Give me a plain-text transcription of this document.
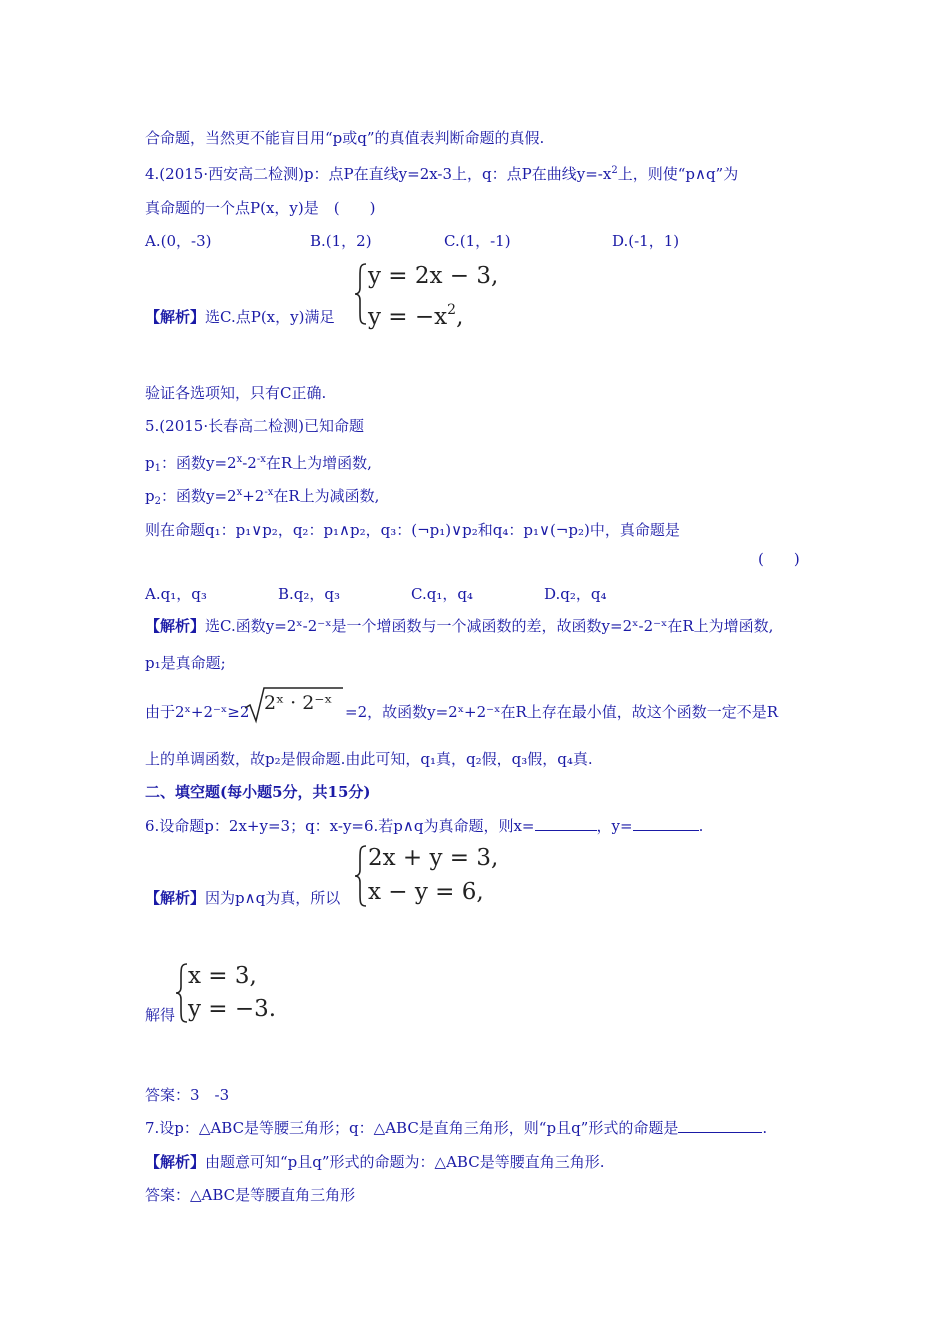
合命题，当然更不能盲目用“p或q”的真值表判断命题的真假.
4.(2015·西安高二检测)p：点P在直线y=2x-3上，q：点P在曲线$y=-x^2$上，则使“p∧q”为
真命题的一个点P(x，y)是　(　　)
A.(0，-3)	B.(1，2)	C.(1，-1)	D.(-1，1)
【解析】选C.点P(x，y)满足
y = 2x − 3,
$y = -x^2$,
验证各选项知，只有C正确.
5.(2015·长春高二检测)已知命题
$p_1$：函数$y=2^x-2^{-x}$在R上为增函数,
$p_2$：函数$y=2^x+2^{-x}$在R上为减函数,
则在命题q₁：p₁∨p₂，q₂：p₁∧p₂，q₃：(¬p₁)∨p₂和q₄：p₁∨(¬p₂)中，真命题是
(　　)
A.q₁，q₃	B.q₂，q₃	C.q₁，q₄	D.q₂，q₄
【解析】选C.函数y=2ˣ-2⁻ˣ是一个增函数与一个减函数的差，故函数y=2ˣ-2⁻ˣ在R上为增函数,
p₁是真命题;
由于2ˣ+2⁻ˣ≥2 2ˣ · 2⁻ˣ =2，故函数y=2ˣ+2⁻ˣ在R上存在最小值，故这个函数一定不是R
上的单调函数，故p₂是假命题.由此可知，q₁真，q₂假，q₃假，q₄真.
二、填空题(每小题5分，共15分)
6.设命题p：2x+y=3；q：x-y=6.若p∧q为真命题，则x=	，y=	.
【解析】因为p∧q为真，所以
2x + y = 3,
x − y = 6,
解得
x = 3,
y = −3.
答案：3　-3
7.设p：△ABC是等腰三角形；q：△ABC是直角三角形，则“p且q”形式的命题是	.
【解析】由题意可知“p且q”形式的命题为：△ABC是等腰直角三角形.
答案：△ABC是等腰直角三角形
